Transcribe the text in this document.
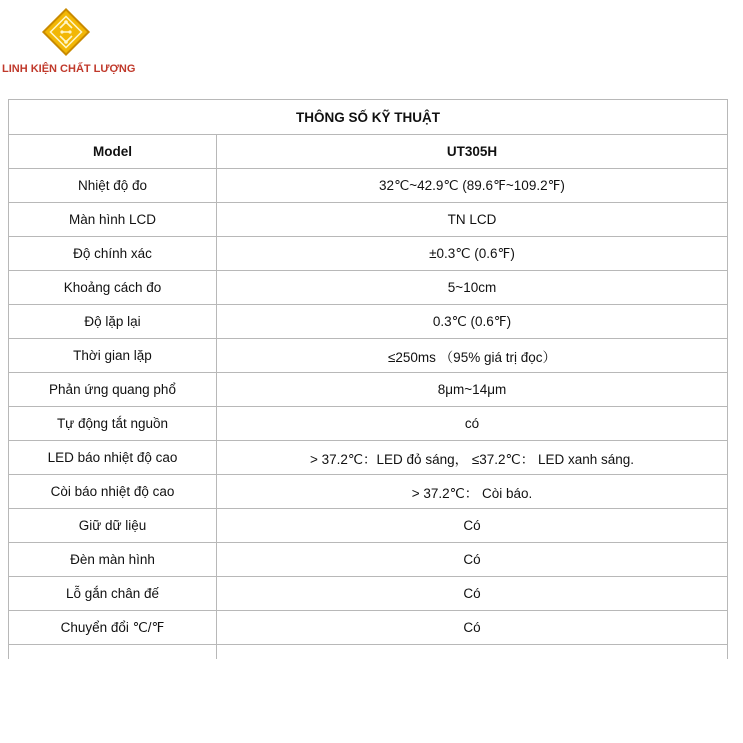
LINH KIỆN CHẤT LƯỢNG
THÔNG SỐ KỸ THUẬT	
Model	UT305H
Nhiệt độ đo	32℃~42.9℃ (89.6℉~109.2℉)
Màn hình LCD	TN LCD
Độ chính xác	±0.3℃ (0.6℉)
Khoảng cách đo	5~10cm
Độ lặp lại	0.3℃ (0.6℉)
Thời gian lặp	≤250ms （95% giá trị đọc）
Phản ứng quang phổ	8μm~14μm
Tự động tắt nguồn	có
LED báo nhiệt độ cao	> 37.2℃：LED đỏ sáng， ≤37.2℃： LED xanh sáng.
Còi báo nhiệt độ cao	> 37.2℃： Còi báo.
Giữ dữ liệu	Có
Đèn màn hình	Có
Lỗ gắn chân đế	Có
Chuyển đổi ℃/℉	Có
